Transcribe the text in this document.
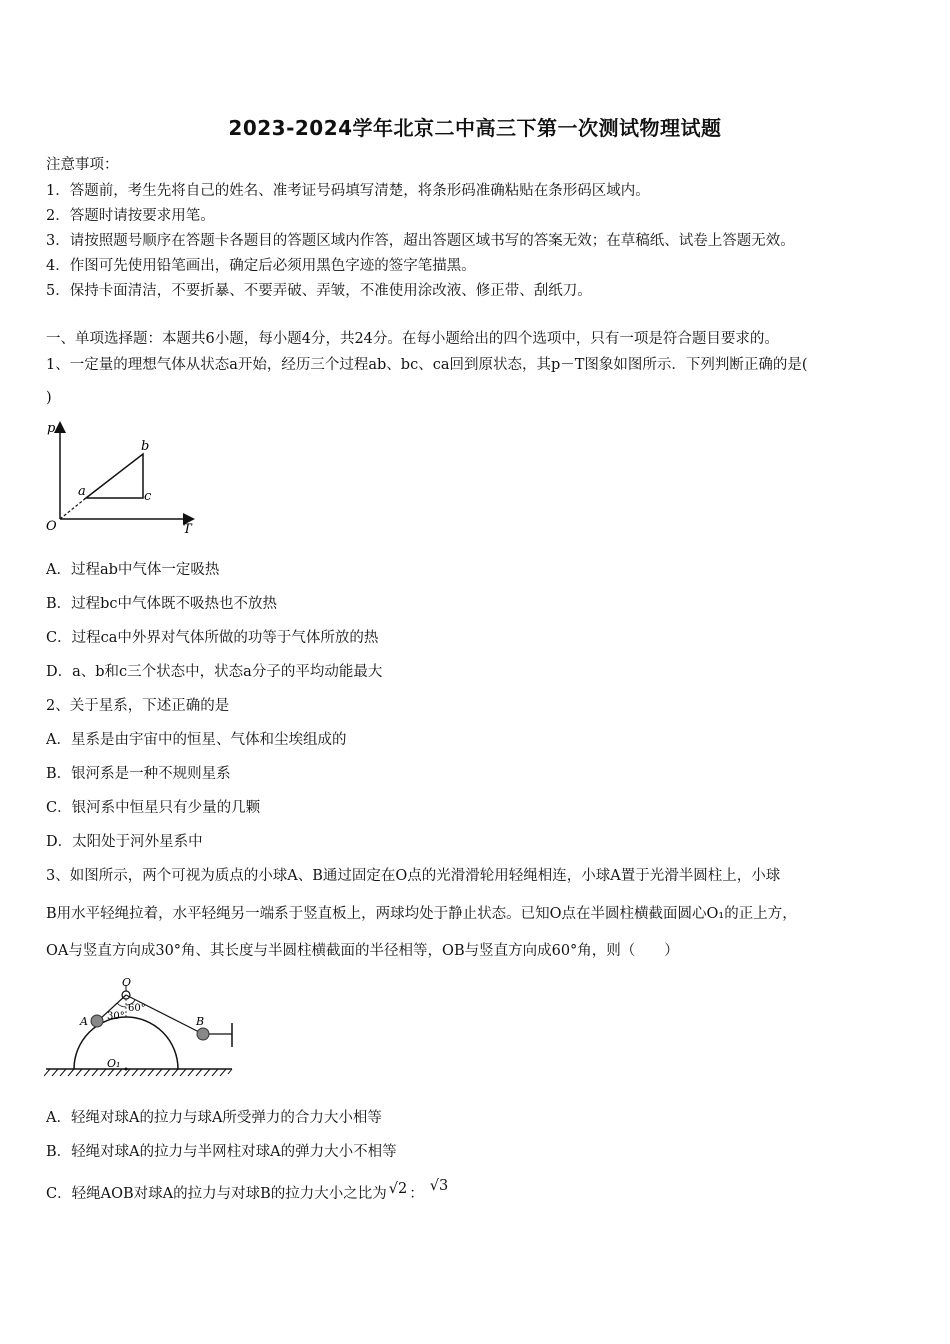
2023-2024学年北京二中高三下第一次测试物理试题
注意事项：
1．答题前，考生先将自己的姓名、准考证号码填写清楚，将条形码准确粘贴在条形码区域内。
2．答题时请按要求用笔。
3．请按照题号顺序在答题卡各题目的答题区域内作答，超出答题区域书写的答案无效；在草稿纸、试卷上答题无效。
4．作图可先使用铅笔画出，确定后必须用黑色字迹的签字笔描黑。
5．保持卡面清洁，不要折暴、不要弄破、弄皱，不准使用涂改液、修正带、刮纸刀。
一、单项选择题：本题共6小题，每小题4分，共24分。在每小题给出的四个选项中，只有一项是符合题目要求的。
1、一定量的理想气体从状态a开始，经历三个过程ab、bc、ca回到原状态，其p－T图象如图所示．下列判断正确的是(
)
p
T
O
a
b
c
A．过程ab中气体一定吸热
B．过程bc中气体既不吸热也不放热
C．过程ca中外界对气体所做的功等于气体所放的热
D．a、b和c三个状态中，状态a分子的平均动能最大
2、关于星系，下述正确的是
A．星系是由宇宙中的恒星、气体和尘埃组成的
B．银河系是一种不规则星系
C．银河系中恒星只有少量的几颗
D．太阳处于河外星系中
3、如图所示，两个可视为质点的小球A、B通过固定在O点的光滑滑轮用轻绳相连，小球A置于光滑半圆柱上，小球
B用水平轻绳拉着，水平轻绳另一端系于竖直板上，两球均处于静止状态。已知O点在半圆柱横截面圆心O₁的正上方，
OA与竖直方向成30°角、其长度与半圆柱横截面的半径相等，OB与竖直方向成60°角，则（　　）
O
A	B
O₁
30°
60°
A．轻绳对球A的拉力与球A所受弹力的合力大小相等
B．轻绳对球A的拉力与半网柱对球A的弹力大小不相等
C．轻绳AOB对球A的拉力与对球B的拉力大小之比为 √2 ： √3
